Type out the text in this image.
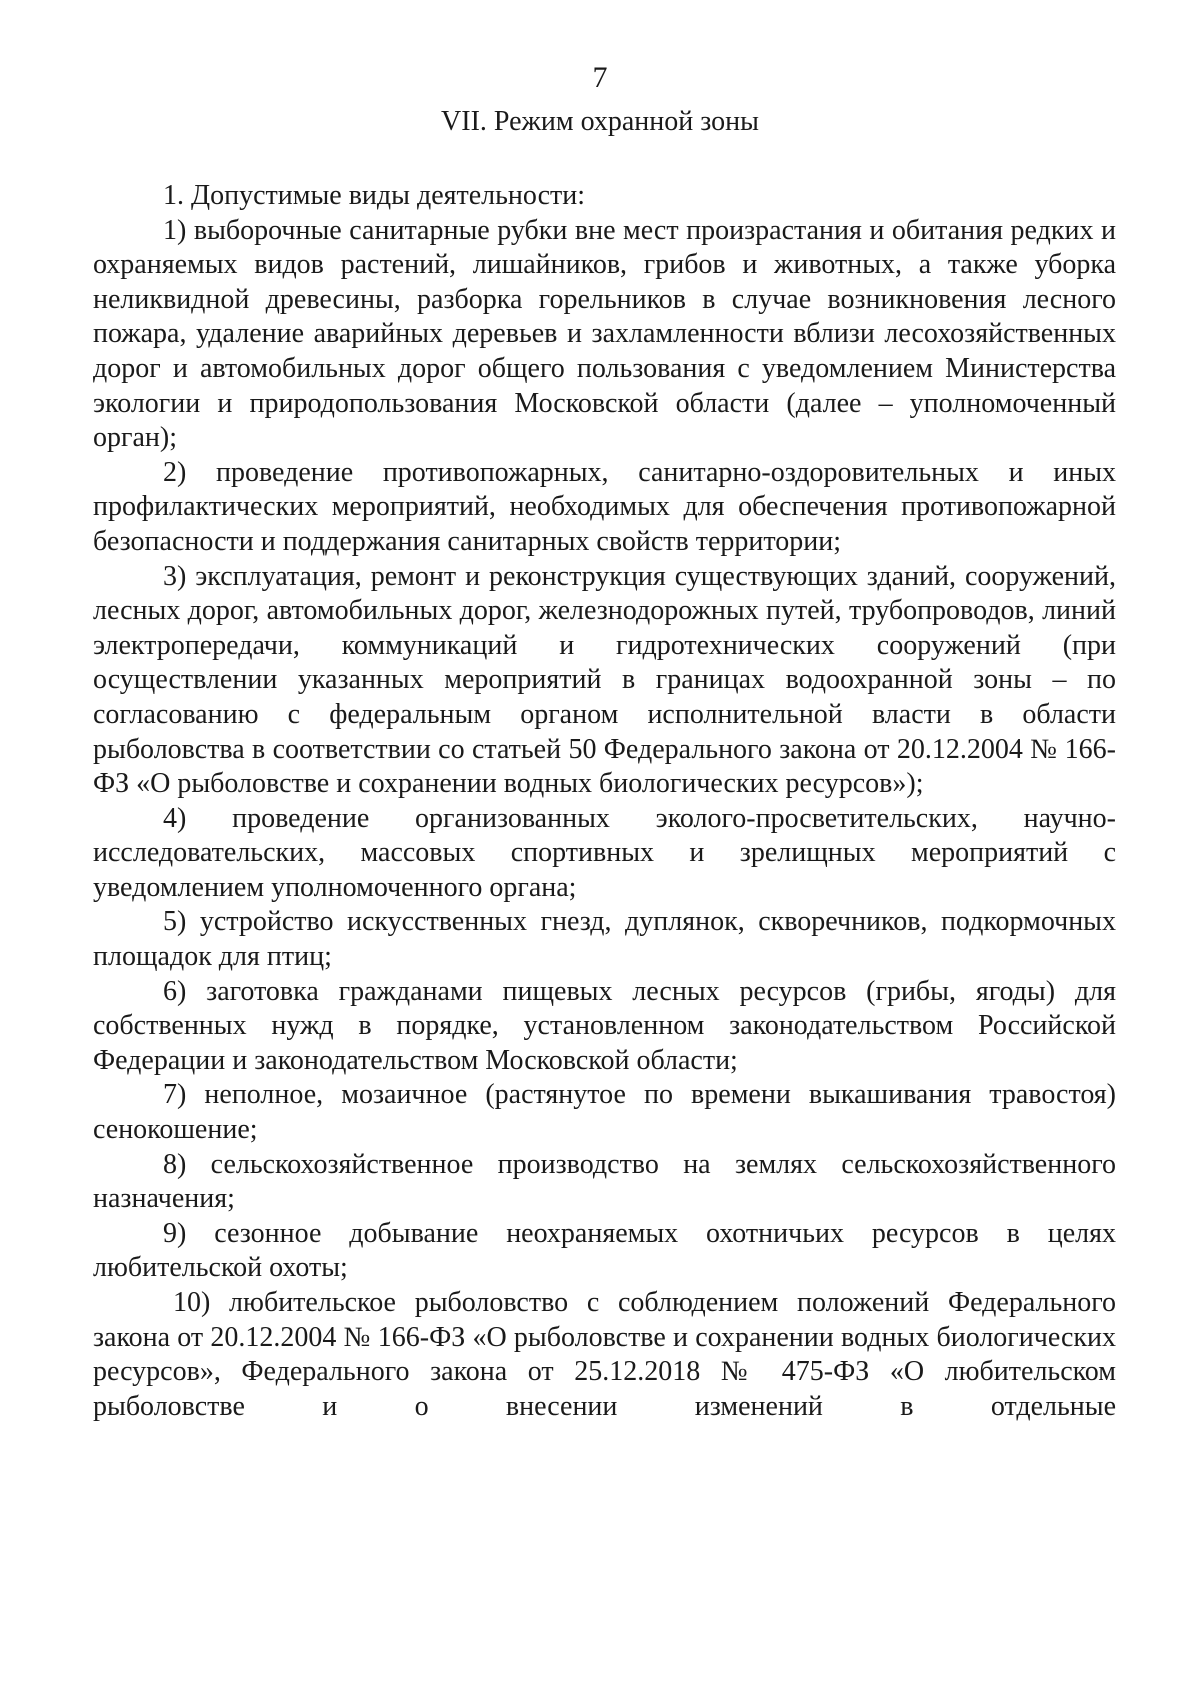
7
VII. Режим охранной зоны

1. Допустимые виды деятельности:

1) выборочные санитарные рубки вне мест произрастания и обитания редких и охраняемых видов растений, лишайников, грибов и животных, а также уборка неликвидной древесины, разборка горельников в случае возникновения лесного пожара, удаление аварийных деревьев и захламленности вблизи лесохозяйственных дорог и автомобильных дорог общего пользования с уведомлением Министерства экологии и природопользования Московской области (далее – уполномоченный орган);

2) проведение противопожарных, санитарно-оздоровительных и иных профилактических мероприятий, необходимых для обеспечения противопожарной безопасности и поддержания санитарных свойств территории;

3) эксплуатация, ремонт и реконструкция существующих зданий, сооружений, лесных дорог, автомобильных дорог, железнодорожных путей, трубопроводов, линий электропередачи, коммуникаций и гидротехнических сооружений (при осуществлении указанных мероприятий в границах водоохранной зоны – по согласованию с федеральным органом исполнительной власти в области рыболовства в соответствии со статьей 50 Федерального закона от 20.12.2004 № 166-ФЗ «О рыболовстве и сохранении водных биологических ресурсов»);

4) проведение организованных эколого-просветительских, научно-исследовательских, массовых спортивных и зрелищных мероприятий с уведомлением уполномоченного органа;

5) устройство искусственных гнезд, дуплянок, скворечников, подкормочных площадок для птиц;

6) заготовка гражданами пищевых лесных ресурсов (грибы, ягоды) для собственных нужд в порядке, установленном законодательством Российской Федерации и законодательством Московской области;

7) неполное, мозаичное (растянутое по времени выкашивания травостоя) сенокошение;

8) сельскохозяйственное производство на землях сельскохозяйственного назначения;

9) сезонное добывание неохраняемых охотничьих ресурсов в целях любительской охоты;

10) любительское рыболовство с соблюдением положений Федерального закона от 20.12.2004 № 166-ФЗ «О рыболовстве и сохранении водных биологических ресурсов», Федерального закона от 25.12.2018 № 475-ФЗ «О любительском рыболовстве и о внесении изменений в отдельные
